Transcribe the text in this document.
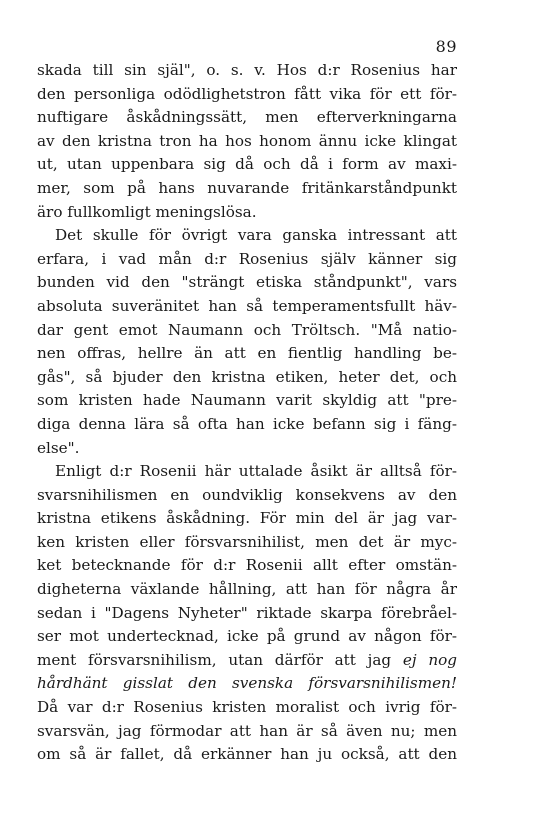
89
skada till sin själ", o. s. v. Hos d:r Rosenius har
den personliga odödlighetstron fått vika för ett för-
nuftigare åskådningssätt, men efterverkningarna
av den kristna tron ha hos honom ännu icke klingat
ut, utan uppenbara sig då och då i form av maxi-
mer, som på hans nuvarande fritänkarståndpunkt
äro fullkomligt meningslösa.
Det skulle för övrigt vara ganska intressant att
erfara, i vad mån d:r Rosenius själv känner sig
bunden vid den "strängt etiska ståndpunkt", vars
absoluta suveränitet han så temperamentsfullt häv-
dar gent emot Naumann och Tröltsch. "Må natio-
nen offras, hellre än att en fientlig handling be-
gås", så bjuder den kristna etiken, heter det, och
som kristen hade Naumann varit skyldig att "pre-
diga denna lära så ofta han icke befann sig i fäng-
else".
Enligt d:r Rosenii här uttalade åsikt är alltså för-
svarsnihilismen en oundviklig konsekvens av den
kristna etikens åskådning. För min del är jag var-
ken kristen eller försvarsnihilist, men det är myc-
ket betecknande för d:r Rosenii allt efter omstän-
digheterna växlande hållning, att han för några år
sedan i "Dagens Nyheter" riktade skarpa förebråel-
ser mot undertecknad, icke på grund av någon för-
ment försvarsnihilism, utan därför att jag ej nog
hårdhänt gisslat den svenska försvarsnihilismen!
Då var d:r Rosenius kristen moralist och ivrig för-
svarsvän, jag förmodar att han är så även nu; men
om så är fallet, då erkänner han ju också, att den
